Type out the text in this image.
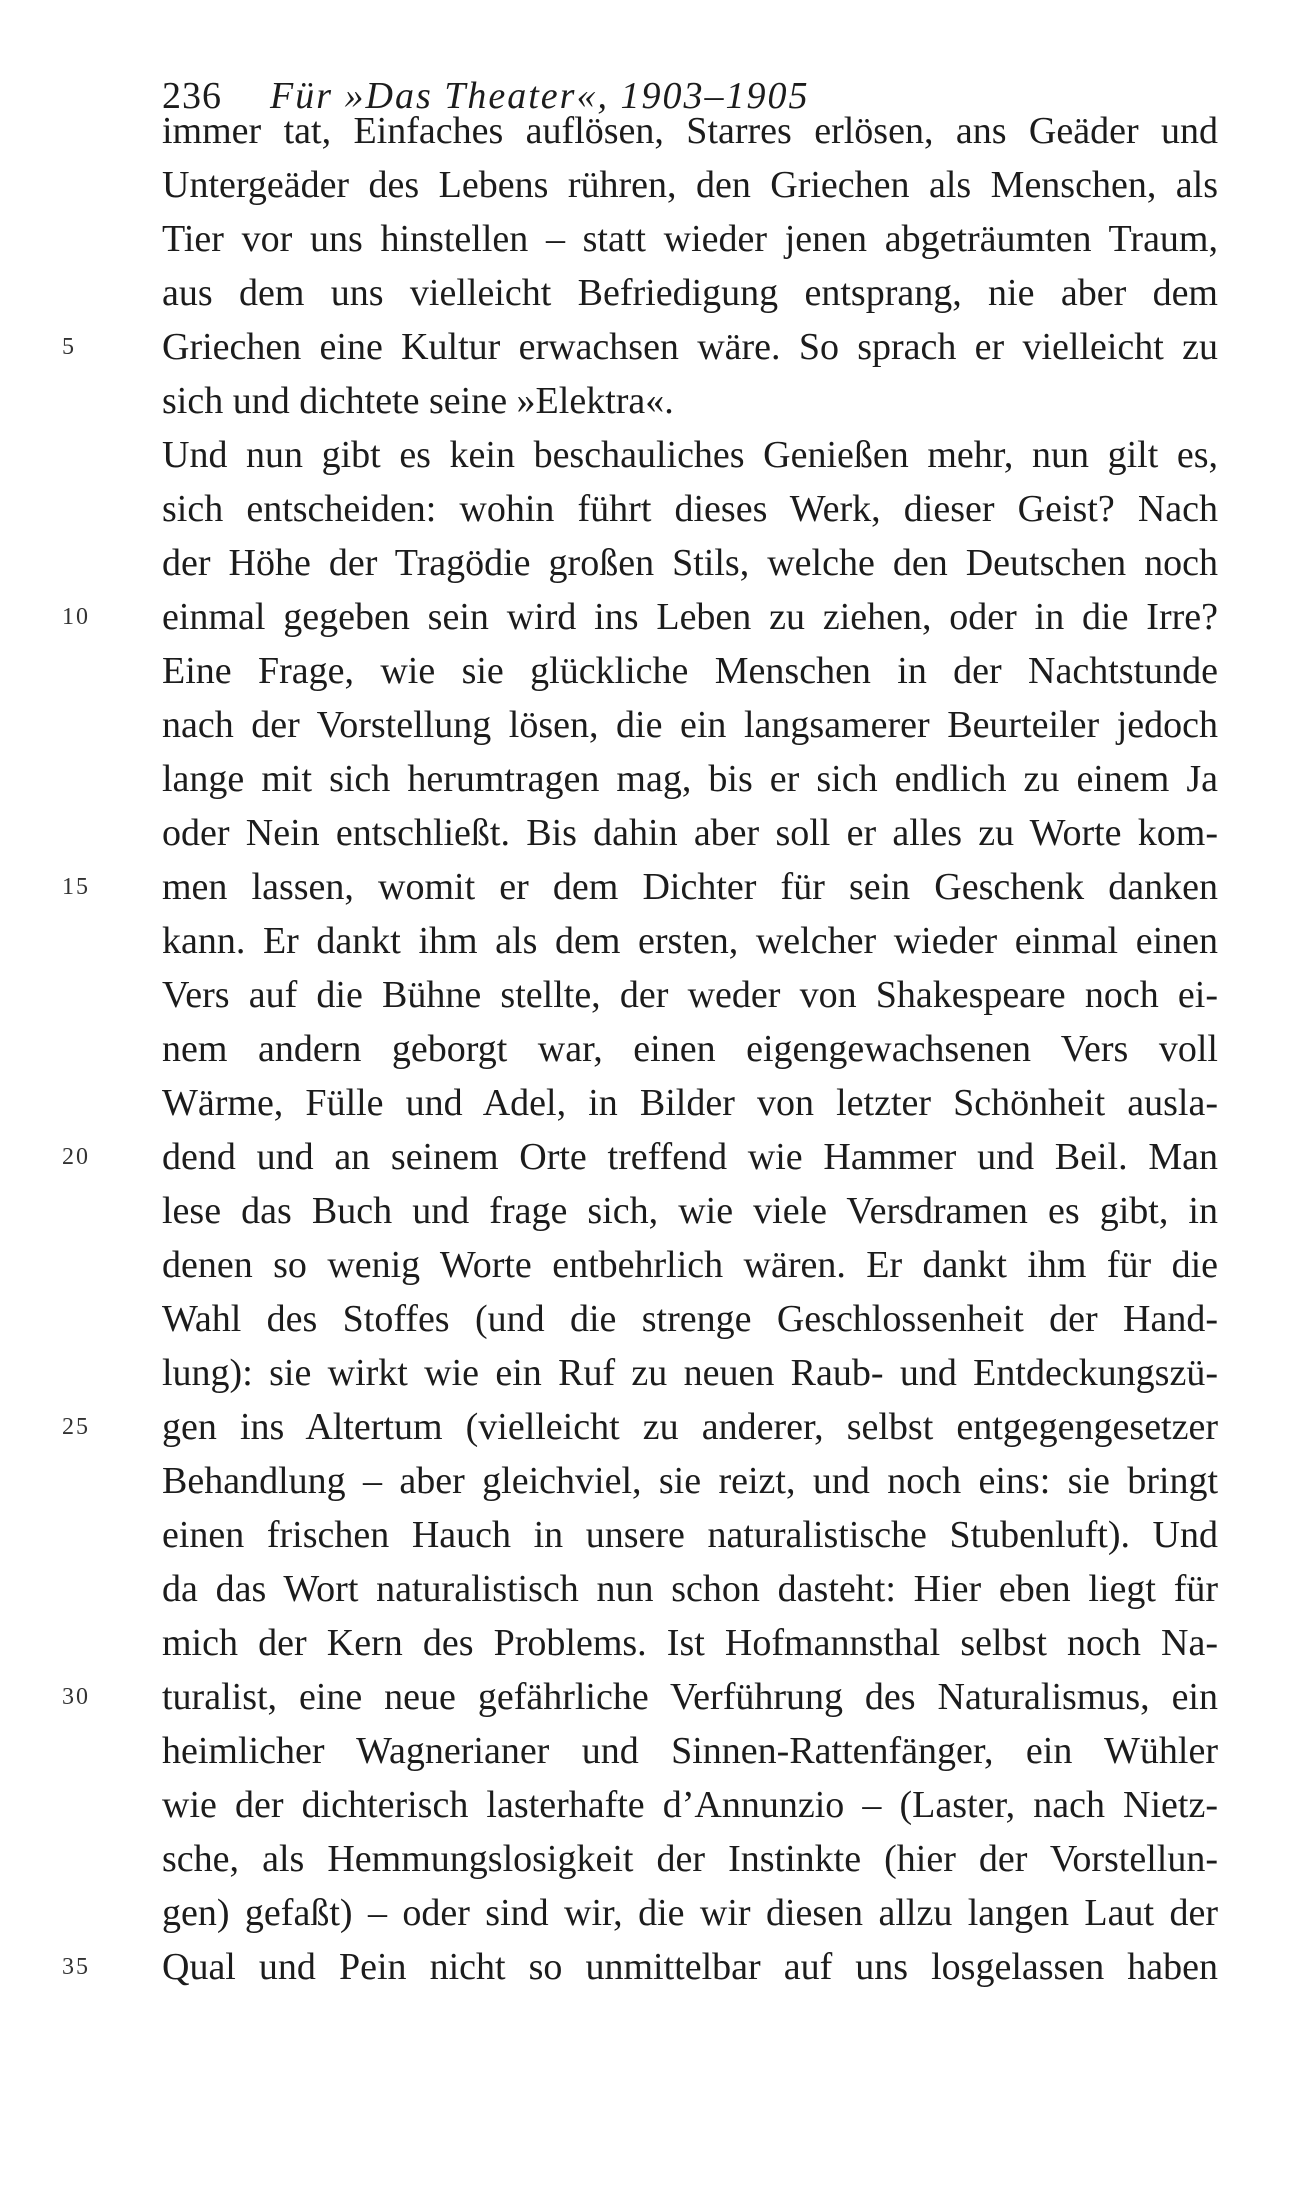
236 Für »Das Theater«, 1903–1905
immer tat, Einfaches auflösen, Starres erlösen, ans Geäder und
Untergeäder des Lebens rühren, den Griechen als Menschen, als
Tier vor uns hinstellen – statt wieder jenen abgeträumten Traum,
aus dem uns vielleicht Befriedigung entsprang, nie aber dem
Griechen eine Kultur erwachsen wäre. So sprach er vielleicht zu
sich und dichtete seine »Elektra«.
Und nun gibt es kein beschauliches Genießen mehr, nun gilt es,
sich entscheiden: wohin führt dieses Werk, dieser Geist? Nach
der Höhe der Tragödie großen Stils, welche den Deutschen noch
einmal gegeben sein wird ins Leben zu ziehen, oder in die Irre?
Eine Frage, wie sie glückliche Menschen in der Nachtstunde
nach der Vorstellung lösen, die ein langsamerer Beurteiler jedoch
lange mit sich herumtragen mag, bis er sich endlich zu einem Ja
oder Nein entschließt. Bis dahin aber soll er alles zu Worte kom-
men lassen, womit er dem Dichter für sein Geschenk danken
kann. Er dankt ihm als dem ersten, welcher wieder einmal einen
Vers auf die Bühne stellte, der weder von Shakespeare noch ei-
nem andern geborgt war, einen eigengewachsenen Vers voll
Wärme, Fülle und Adel, in Bilder von letzter Schönheit ausla-
dend und an seinem Orte treffend wie Hammer und Beil. Man
lese das Buch und frage sich, wie viele Versdramen es gibt, in
denen so wenig Worte entbehrlich wären. Er dankt ihm für die
Wahl des Stoffes (und die strenge Geschlossenheit der Hand-
lung): sie wirkt wie ein Ruf zu neuen Raub- und Entdeckungszü-
gen ins Altertum (vielleicht zu anderer, selbst entgegengesetzer
Behandlung – aber gleichviel, sie reizt, und noch eins: sie bringt
einen frischen Hauch in unsere naturalistische Stubenluft). Und
da das Wort naturalistisch nun schon dasteht: Hier eben liegt für
mich der Kern des Problems. Ist Hofmannsthal selbst noch Na-
turalist, eine neue gefährliche Verführung des Naturalismus, ein
heimlicher Wagnerianer und Sinnen-Rattenfänger, ein Wühler
wie der dichterisch lasterhafte d’Annunzio – (Laster, nach Nietz-
sche, als Hemmungslosigkeit der Instinkte (hier der Vorstellun-
gen) gefaßt) – oder sind wir, die wir diesen allzu langen Laut der
Qual und Pein nicht so unmittelbar auf uns losgelassen haben
5
10
15
20
25
30
35
